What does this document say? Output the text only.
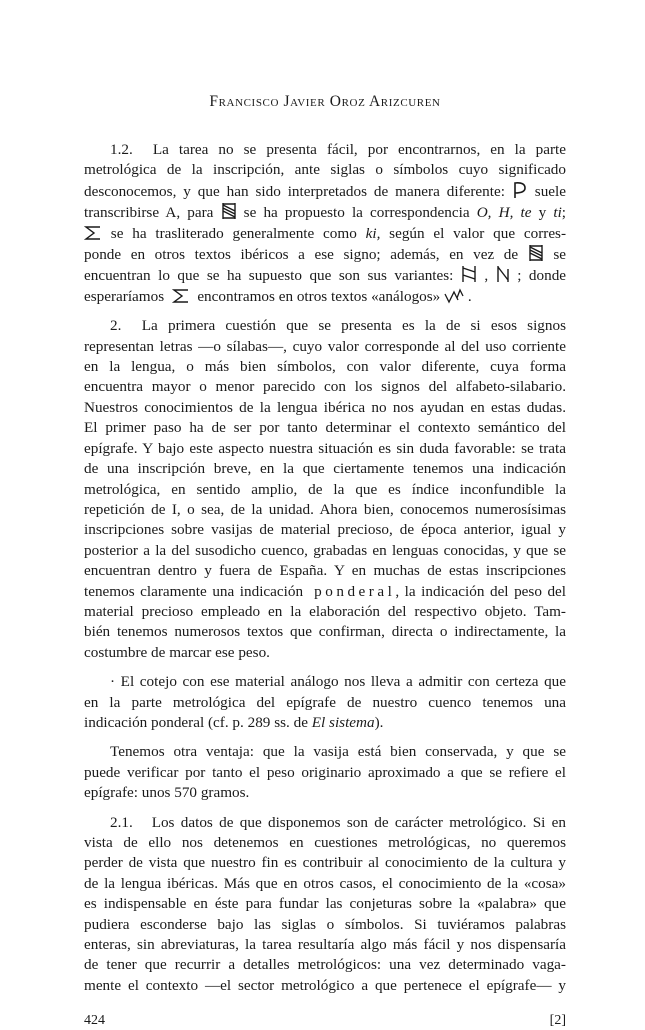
Francisco Javier Oroz Arizcuren
1.2. La tarea no se presenta fácil, por encontrarnos, en la parte
metrológica de la inscripción, ante siglas o símbolos cuyo significado
desconocemos, y que han sido interpretados de manera diferente: suele
transcribirse A, para se ha propuesto la correspondencia O, H, te y ti;
se ha trasliterado generalmente como ki, según el valor que corres-
ponde en otros textos ibéricos a ese signo; además, en vez de se
encuentran lo que se ha supuesto que son sus variantes: , ; donde
esperaríamos encontramos en otros textos «análogos» .
2. La primera cuestión que se presenta es la de si esos signos
representan letras —o sílabas—, cuyo valor corresponde al del uso corriente
en la lengua, o más bien símbolos, con valor diferente, cuya forma
encuentra mayor o menor parecido con los signos del alfabeto-silabario.
Nuestros conocimientos de la lengua ibérica no nos ayudan en estas dudas.
El primer paso ha de ser por tanto determinar el contexto semántico del
epígrafe. Y bajo este aspecto nuestra situación es sin duda favorable: se trata
de una inscripción breve, en la que ciertamente tenemos una indicación
metrológica, en sentido amplio, de la que es índice inconfundible la
repetición de I, o sea, de la unidad. Ahora bien, conocemos numerosísimas
inscripciones sobre vasijas de material precioso, de época anterior, igual y
posterior a la del susodicho cuenco, grabadas en lenguas conocidas, y que se
encuentran dentro y fuera de España. Y en muchas de estas inscripciones
tenemos claramente una indicación ponderal, la indicación del peso del
material precioso empleado en la elaboración del respectivo objeto. Tam-
bién tenemos numerosos textos que confirman, directa o indirectamente, la
costumbre de marcar ese peso.
· El cotejo con ese material análogo nos lleva a admitir con certeza que
en la parte metrológica del epígrafe de nuestro cuenco tenemos una
indicación ponderal (cf. p. 289 ss. de El sistema).
Tenemos otra ventaja: que la vasija está bien conservada, y que se
puede verificar por tanto el peso originario aproximado a que se refiere el
epígrafe: unos 570 gramos.
2.1. Los datos de que disponemos son de carácter metrológico. Si en
vista de ello nos detenemos en cuestiones metrológicas, no queremos
perder de vista que nuestro fin es contribuir al conocimiento de la cultura y
de la lengua ibéricas. Más que en otros casos, el conocimiento de la «cosa»
es indispensable en éste para fundar las conjeturas sobre la «palabra» que
pudiera esconderse bajo las siglas o símbolos. Si tuviéramos palabras
enteras, sin abreviaturas, la tarea resultaría algo más fácil y nos dispensaría
de tener que recurrir a detalles metrológicos: una vez determinado vaga-
mente el contexto —el sector metrológico a que pertenece el epígrafe— y
424	[2]
